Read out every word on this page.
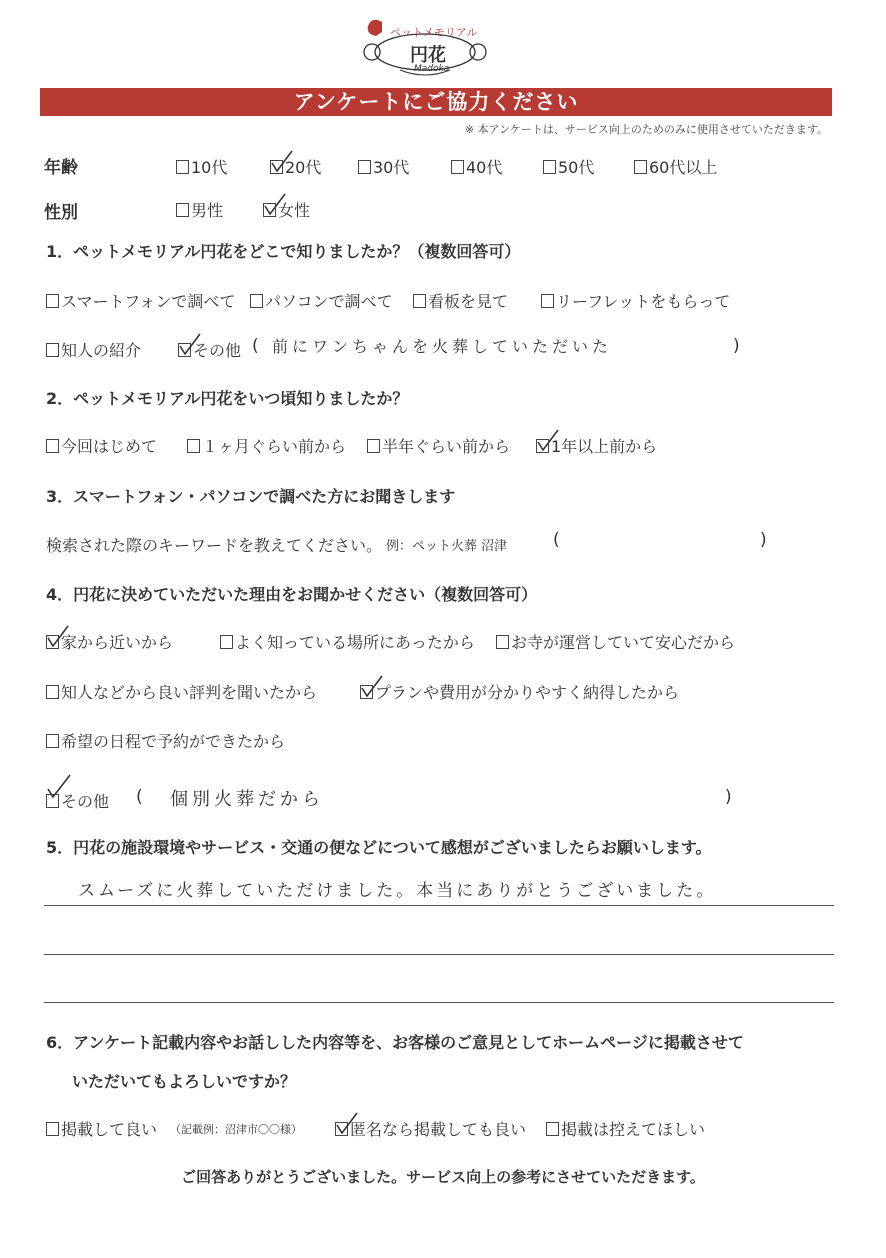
ペットメモリアル
円花
Madoka
アンケートにご協力ください
※ 本アンケートは、サービス向上のためのみに使用させていただきます。
年齢	10代	20代	30代	40代	50代	60代以上
性別	男性	女性
1．ペットメモリアル円花をどこで知りましたか？（複数回答可）
スマートフォンで調べて	パソコンで調べて	看板を見て	リーフレットをもらって
知人の紹介	その他 ( 前にワンちゃんを火葬していただいた	)
2．ペットメモリアル円花をいつ頃知りましたか？
今回はじめて	１ヶ月ぐらい前から	半年ぐらい前から	1年以上前から
3．スマートフォン・パソコンで調べた方にお聞きします
検索された際のキーワードを教えてください。 例：ペット火葬 沼津	(	)
4．円花に決めていただいた理由をお聞かせください（複数回答可）
家から近いから	よく知っている場所にあったから	お寺が運営していて安心だから
知人などから良い評判を聞いたから	プランや費用が分かりやすく納得したから
希望の日程で予約ができたから
その他 ( 個別火葬だから	)
5．円花の施設環境やサービス・交通の便などについて感想がございましたらお願いします。
スムーズに火葬していただけました。本当にありがとうございました。
6．アンケート記載内容やお話しした内容等を、お客様のご意見としてホームページに掲載させて
いただいてもよろしいですか？
掲載して良い （記載例：沼津市〇〇様）	匿名なら掲載しても良い	掲載は控えてほしい
ご回答ありがとうございました。サービス向上の参考にさせていただきます。
